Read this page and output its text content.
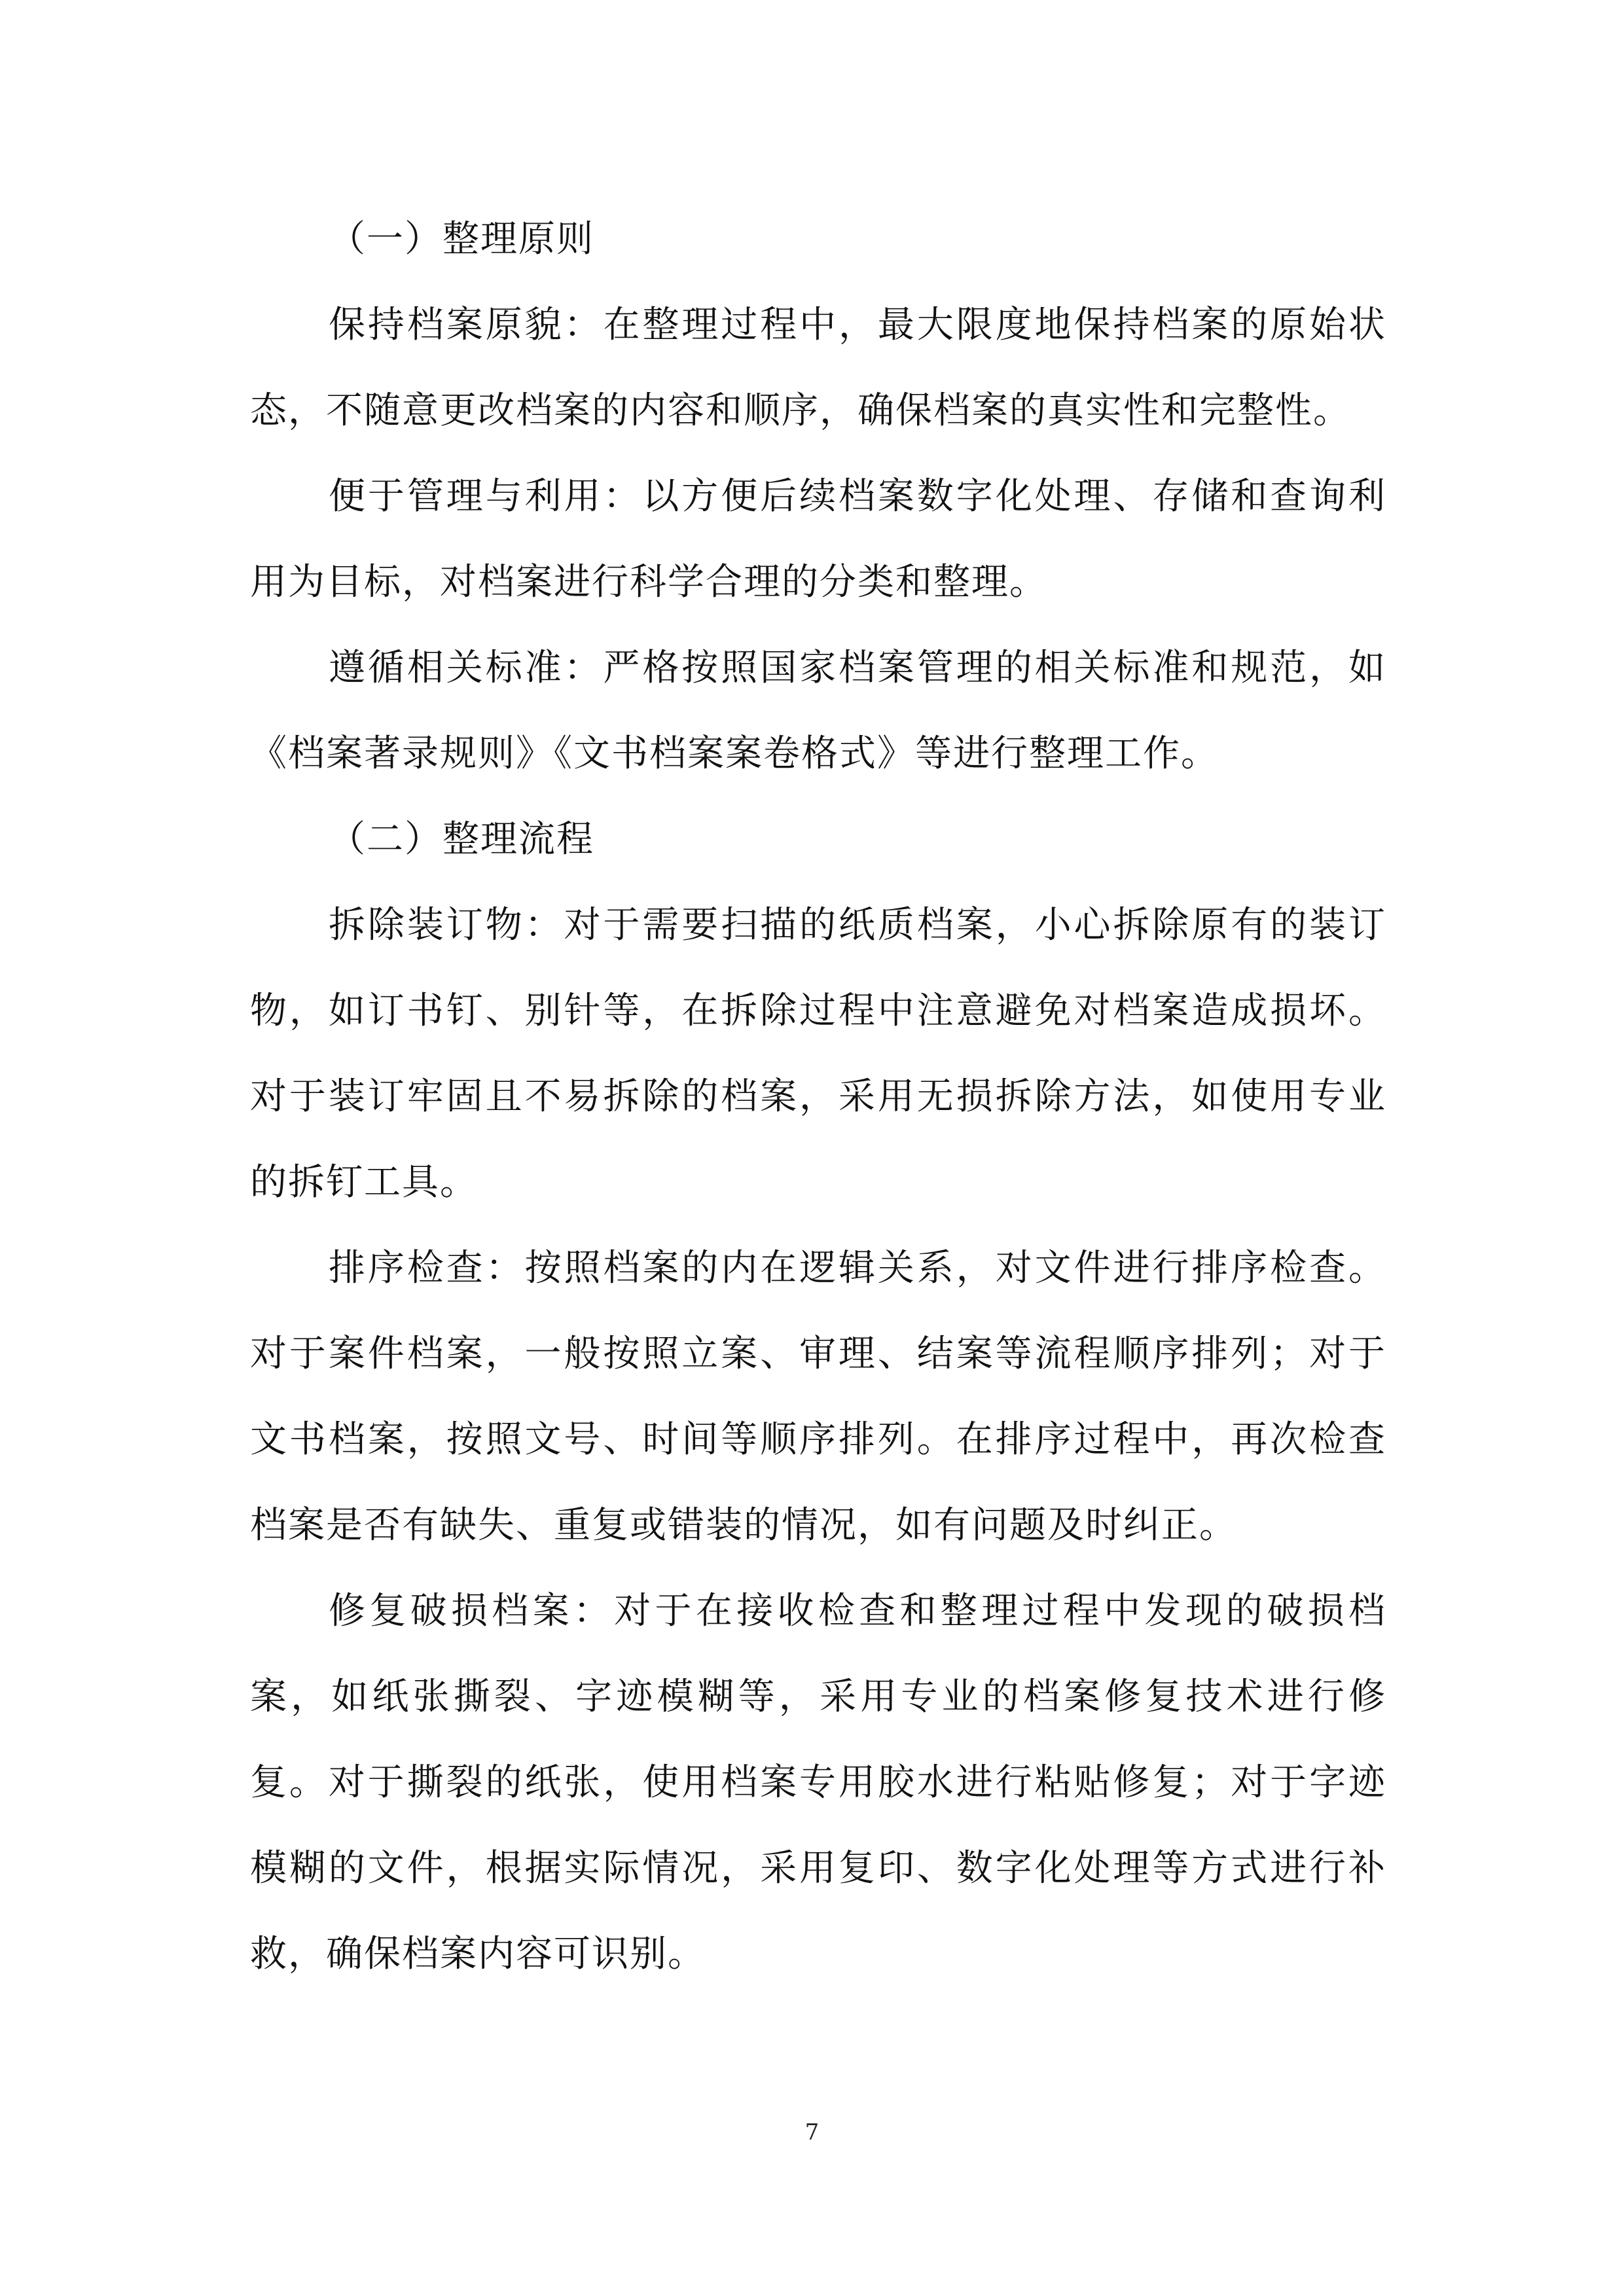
（一）整理原则

保持档案原貌：在整理过程中，最大限度地保持档案的原始状态，不随意更改档案的内容和顺序，确保档案的真实性和完整性。

便于管理与利用：以方便后续档案数字化处理、存储和查询利用为目标，对档案进行科学合理的分类和整理。

遵循相关标准：严格按照国家档案管理的相关标准和规范，如《档案著录规则》《文书档案案卷格式》等进行整理工作。

（二）整理流程

拆除装订物：对于需要扫描的纸质档案，小心拆除原有的装订物，如订书钉、别针等，在拆除过程中注意避免对档案造成损坏。对于装订牢固且不易拆除的档案，采用无损拆除方法，如使用专业的拆钉工具。

排序检查：按照档案的内在逻辑关系，对文件进行排序检查。对于案件档案，一般按照立案、审理、结案等流程顺序排列；对于文书档案，按照文号、时间等顺序排列。在排序过程中，再次检查档案是否有缺失、重复或错装的情况，如有问题及时纠正。

修复破损档案：对于在接收检查和整理过程中发现的破损档案，如纸张撕裂、字迹模糊等，采用专业的档案修复技术进行修复。对于撕裂的纸张，使用档案专用胶水进行粘贴修复；对于字迹模糊的文件，根据实际情况，采用复印、数字化处理等方式进行补救，确保档案内容可识别。

7
